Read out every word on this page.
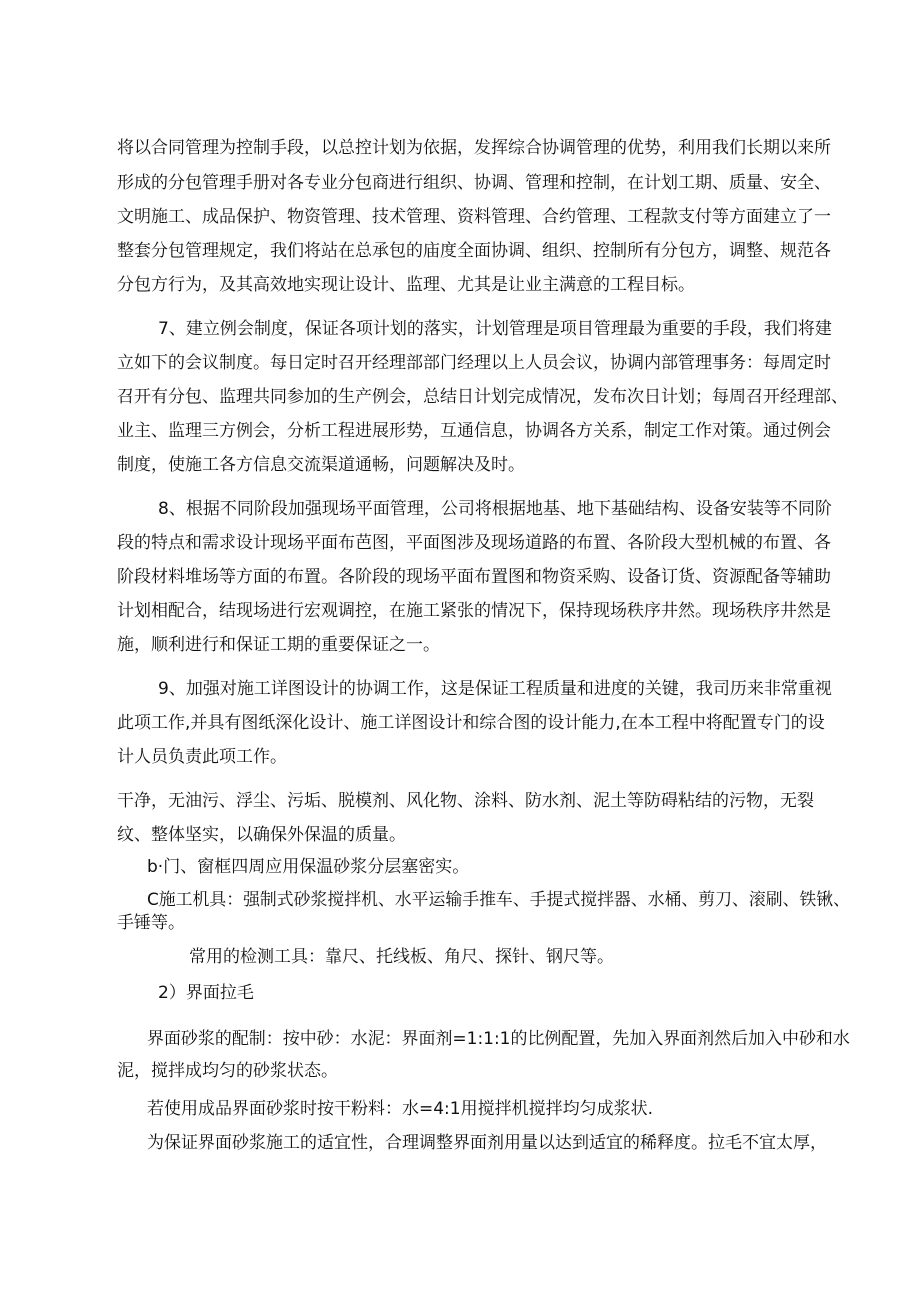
将以合同管理为控制手段，以总控计划为依据，发挥综合协调管理的优势，利用我们长期以来所
形成的分包管理手册对各专业分包商进行组织、协调、管理和控制，在计划工期、质量、安全、
文明施工、成品保护、物资管理、技术管理、资料管理、合约管理、工程款支付等方面建立了一
整套分包管理规定，我们将站在总承包的庙度全面协调、组织、控制所有分包方，调整、规范各
分包方行为，及其高效地实现让设计、监理、尤其是让业主满意的工程目标。
7、建立例会制度，保证各项计划的落实，计划管理是项目管理最为重要的手段，我们将建
立如下的会议制度。每日定时召开经理部部门经理以上人员会议，协调内部管理事务：每周定时
召开有分包、监理共同参加的生产例会，总结日计划完成情况，发布次日计划；每周召开经理部、
业主、监理三方例会，分析工程进展形势，互通信息，协调各方关系，制定工作对策。通过例会
制度，使施工各方信息交流渠道通畅，问题解决及时。
8、根据不同阶段加强现场平面管理，公司将根据地基、地下基础结构、设备安装等不同阶
段的特点和需求设计现场平面布芭图，平面图涉及现场道路的布置、各阶段大型机械的布置、各
阶段材料堆场等方面的布置。各阶段的现场平面布置图和物资采购、设备订货、资源配备等辅助
计划相配合，结现场进行宏观调控，在施工紧张的情况下，保持现场秩序井然。现场秩序井然是
施，顺利进行和保证工期的重要保证之一。
9、加强对施工详图设计的协调工作，这是保证工程质量和进度的关键，我司历来非常重视
此项工作,并具有图纸深化设计、施工详图设计和综合图的设计能力,在本工程中将配置专门的设
计人员负责此项工作。
干净，无油污、浮尘、污垢、脱模剂、风化物、涂料、防水剂、泥土等防碍粘结的污物，无裂
纹、整体坚实，以确保外保温的质量。
b·门、窗框四周应用保温砂浆分层塞密实。
C施工机具：强制式砂浆搅拌机、水平运输手推车、手提式搅拌器、水桶、剪刀、滚刷、铁锹、
手锤等。
常用的检测工具：靠尺、托线板、角尺、探针、钢尺等。
2）界面拉毛
界面砂浆的配制：按中砂：水泥：界面剂=1:1:1的比例配置，先加入界面剂然后加入中砂和水
泥，搅拌成均匀的砂浆状态。
若使用成品界面砂浆时按干粉料：水=4:1用搅拌机搅拌均匀成浆状.
为保证界面砂浆施工的适宜性，合理调整界面剂用量以达到适宜的稀释度。拉毛不宜太厚，
